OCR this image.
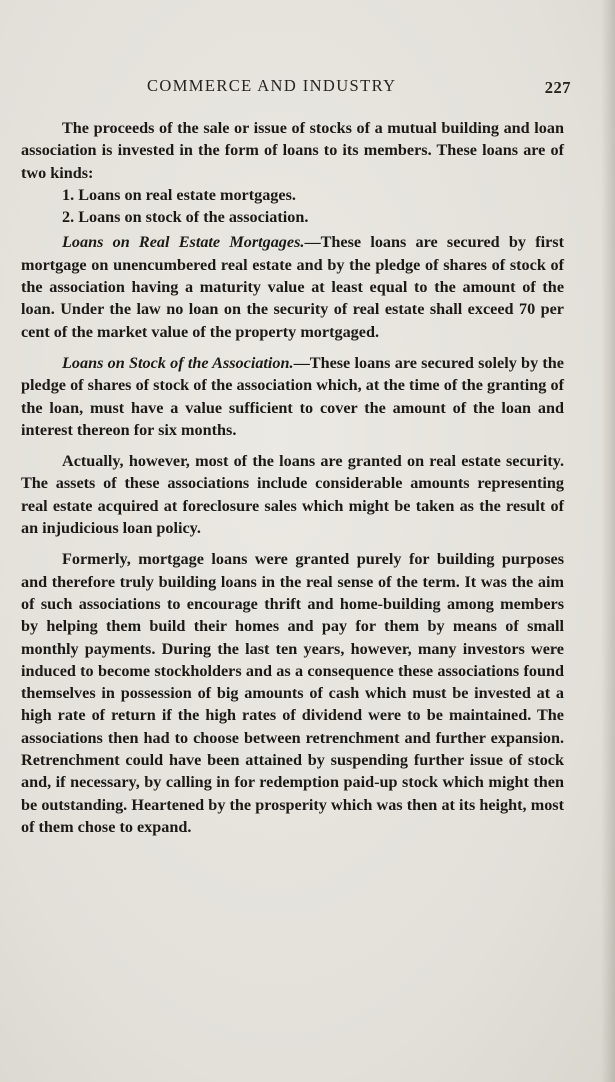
COMMERCE AND INDUSTRY	227

The proceeds of the sale or issue of stocks of a mutual building and loan association is invested in the form of loans to its members. These loans are of two kinds:

1. Loans on real estate mortgages.

2. Loans on stock of the association.

Loans on Real Estate Mortgages.—These loans are secured by first mortgage on unencumbered real estate and by the pledge of shares of stock of the association having a maturity value at least equal to the amount of the loan. Under the law no loan on the security of real estate shall exceed 70 per cent of the market value of the property mortgaged.

Loans on Stock of the Association.—These loans are secured solely by the pledge of shares of stock of the association which, at the time of the granting of the loan, must have a value sufficient to cover the amount of the loan and interest thereon for six months.

Actually, however, most of the loans are granted on real estate security. The assets of these associations include considerable amounts representing real estate acquired at foreclosure sales which might be taken as the result of an injudicious loan policy.

Formerly, mortgage loans were granted purely for building purposes and therefore truly building loans in the real sense of the term. It was the aim of such associations to encourage thrift and home-building among members by helping them build their homes and pay for them by means of small monthly payments. During the last ten years, however, many investors were induced to become stockholders and as a consequence these associations found themselves in possession of big amounts of cash which must be invested at a high rate of return if the high rates of dividend were to be maintained. The associations then had to choose between retrenchment and further expansion. Retrenchment could have been attained by suspending further issue of stock and, if necessary, by calling in for redemption paid-up stock which might then be outstanding. Heartened by the prosperity which was then at its height, most of them chose to expand.
